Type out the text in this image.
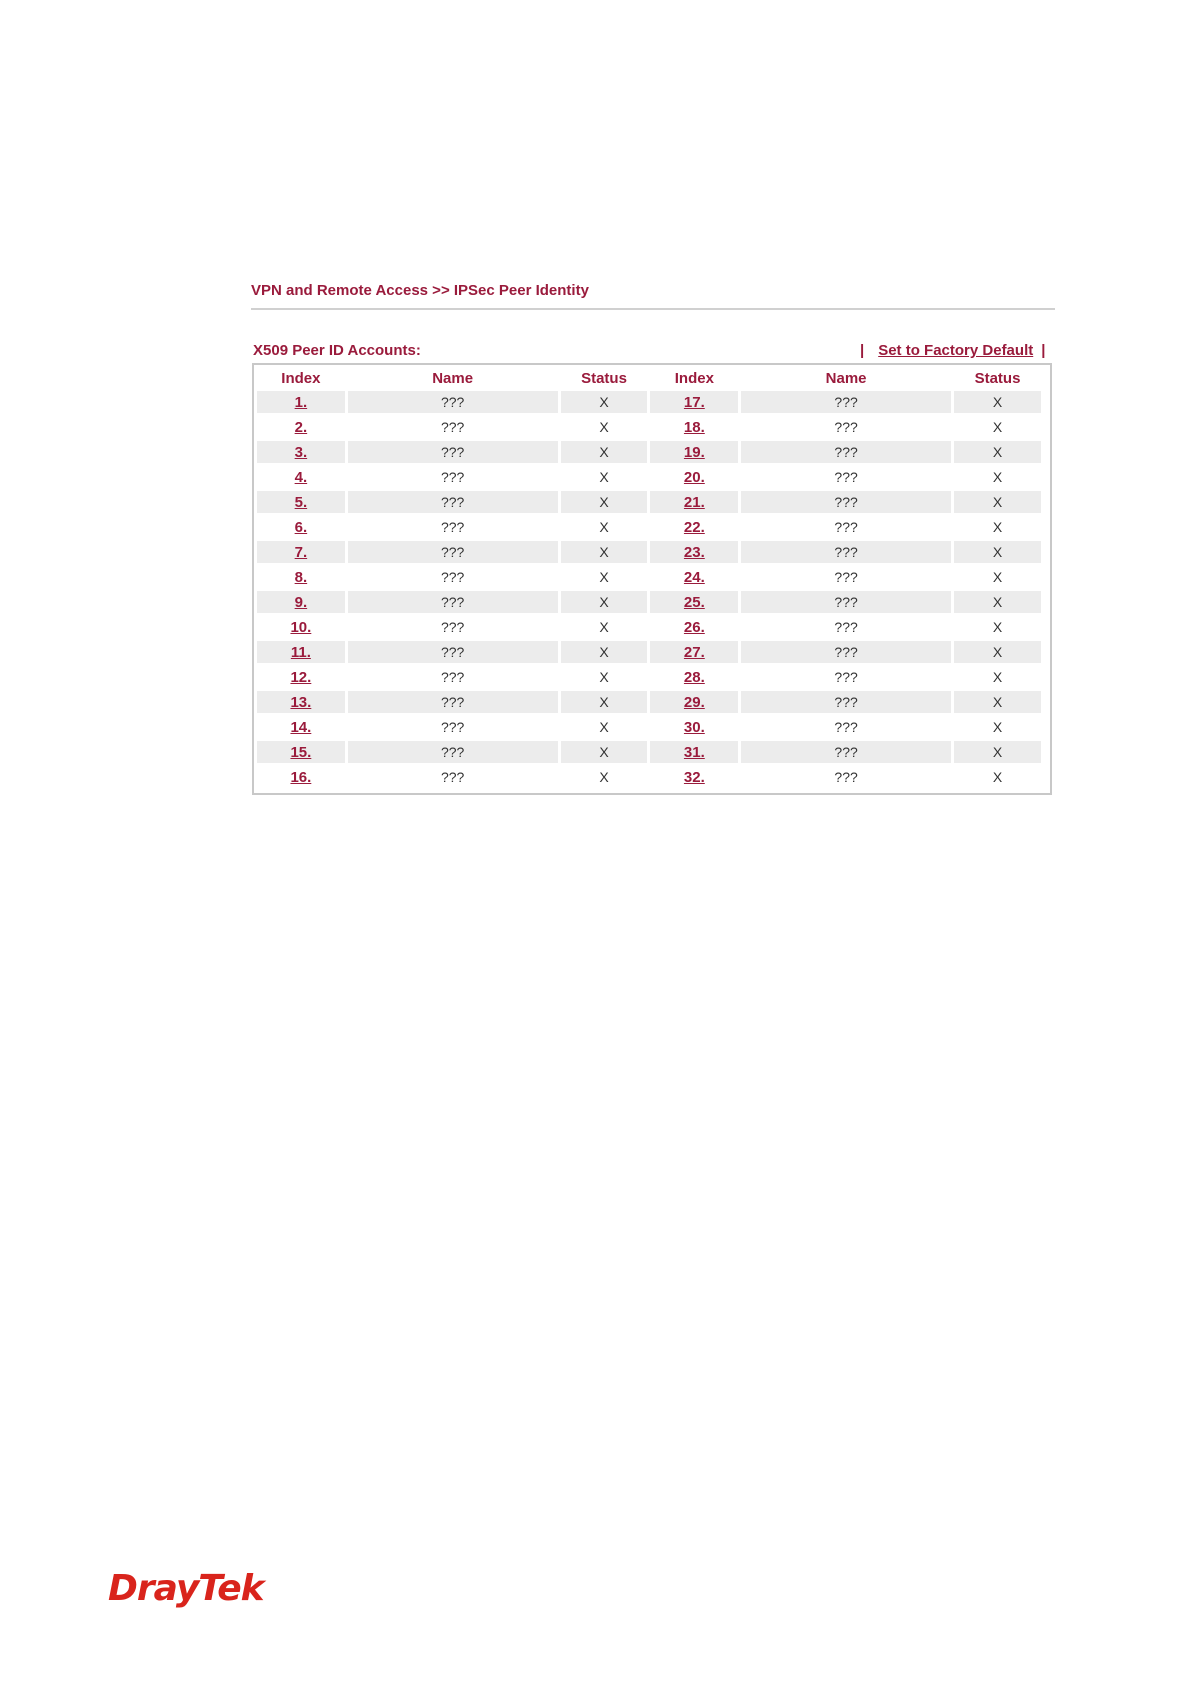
VPN and Remote Access >> IPSec Peer Identity
X509 Peer ID Accounts:	| Set to Factory Default |
Index	Name	Status	Index	Name	Status
1.	???	X	17.	???	X
2.	???	X	18.	???	X
3.	???	X	19.	???	X
4.	???	X	20.	???	X
5.	???	X	21.	???	X
6.	???	X	22.	???	X
7.	???	X	23.	???	X
8.	???	X	24.	???	X
9.	???	X	25.	???	X
10.	???	X	26.	???	X
11.	???	X	27.	???	X
12.	???	X	28.	???	X
13.	???	X	29.	???	X
14.	???	X	30.	???	X
15.	???	X	31.	???	X
16.	???	X	32.	???	X
DrayTek
